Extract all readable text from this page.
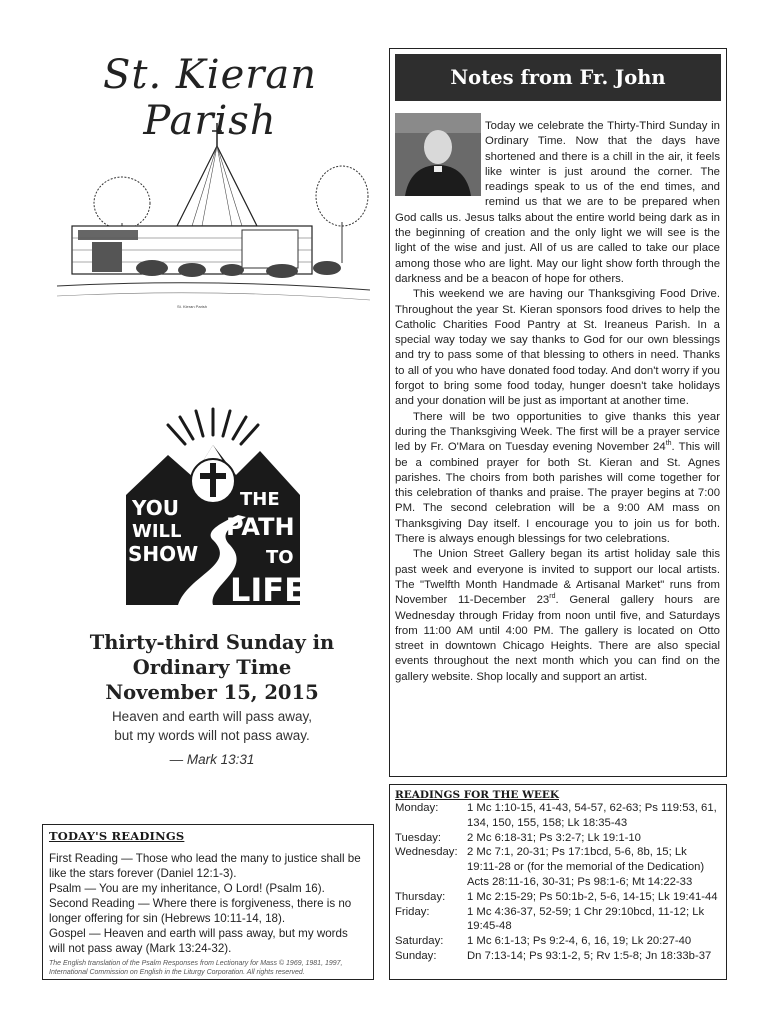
St. Kieran Parish
St. Kieran Parish
YOU
WILL
SHOW
THE
PATH
TO
LIFE
Thirty-third Sunday in
Ordinary Time
November 15, 2015
Heaven and earth will pass away,
but my words will not pass away.
— Mark 13:31
TODAY'S READINGS
First Reading — Those who lead the many to justice shall be like the stars forever (Daniel 12:1-3).
Psalm — You are my inheritance, O Lord! (Psalm 16).
Second Reading — Where there is forgiveness, there is no longer offering for sin (Hebrews 10:11-14, 18).
Gospel — Heaven and earth will pass away, but my words will not pass away (Mark 13:24-32).
The English translation of the Psalm Responses from Lectionary for Mass © 1969, 1981, 1997, International Commission on English in the Liturgy Corporation. All rights reserved.
Notes from Fr. John

Today we celebrate the Thirty-Third Sunday in Ordinary Time. Now that the days have shortened and there is a chill in the air, it feels like winter is just around the corner. The readings speak to us of the end times, and remind us that we are to be prepared when God calls us. Jesus talks about the entire world being dark as in the beginning of creation and the only light we will see is the light of the wise and just. All of us are called to take our place among those who are light. May our light show forth through the darkness and be a beacon of hope for others.

This weekend we are having our Thanksgiving Food Drive. Throughout the year St. Kieran sponsors food drives to help the Catholic Charities Food Pantry at St. Ireaneus Parish. In a special way today we say thanks to God for our own blessings and try to pass some of that blessing to others in need. Thanks to all of you who have donated food today. And don't worry if you forgot to bring some food today, hunger doesn't take holidays and your donation will be just as important at another time.

There will be two opportunities to give thanks this year during the Thanksgiving Week. The first will be a prayer service led by Fr. O'Mara on Tuesday evening November 24th. This will be a combined prayer for both St. Kieran and St. Agnes parishes. The choirs from both parishes will come together for this celebration of thanks and praise. The prayer begins at 7:00 PM. The second celebration will be a 9:00 AM mass on Thanksgiving Day itself. I encourage you to join us for both. There is always enough blessings for two celebrations.

The Union Street Gallery began its artist holiday sale this past week and everyone is invited to support our local artists. The "Twelfth Month Handmade & Artisanal Market" runs from November 11-December 23rd. General gallery hours are Wednesday through Friday from noon until five, and Saturdays from 11:00 AM until 4:00 PM. The gallery is located on Otto street in downtown Chicago Heights. There are also special events throughout the next month which you can find on the gallery website. Shop locally and support an artist.

READINGS FOR THE WEEK
Monday:	1 Mc 1:10-15, 41-43, 54-57, 62-63; Ps 119:53, 61, 134, 150, 155, 158; Lk 18:35-43
Tuesday:	2 Mc 6:18-31; Ps 3:2-7; Lk 19:1-10
Wednesday: 2 Mc 7:1, 20-31; Ps 17:1bcd, 5-6, 8b, 15; Lk 19:11-28 or (for the memorial of the Dedication) Acts 28:11-16, 30-31; Ps 98:1-6; Mt 14:22-33
Thursday:	1 Mc 2:15-29; Ps 50:1b-2, 5-6, 14-15; Lk 19:41-44
Friday:	1 Mc 4:36-37, 52-59; 1 Chr 29:10bcd, 11-12; Lk 19:45-48
Saturday:	1 Mc 6:1-13; Ps 9:2-4, 6, 16, 19; Lk 20:27-40
Sunday:	Dn 7:13-14; Ps 93:1-2, 5; Rv 1:5-8; Jn 18:33b-37
